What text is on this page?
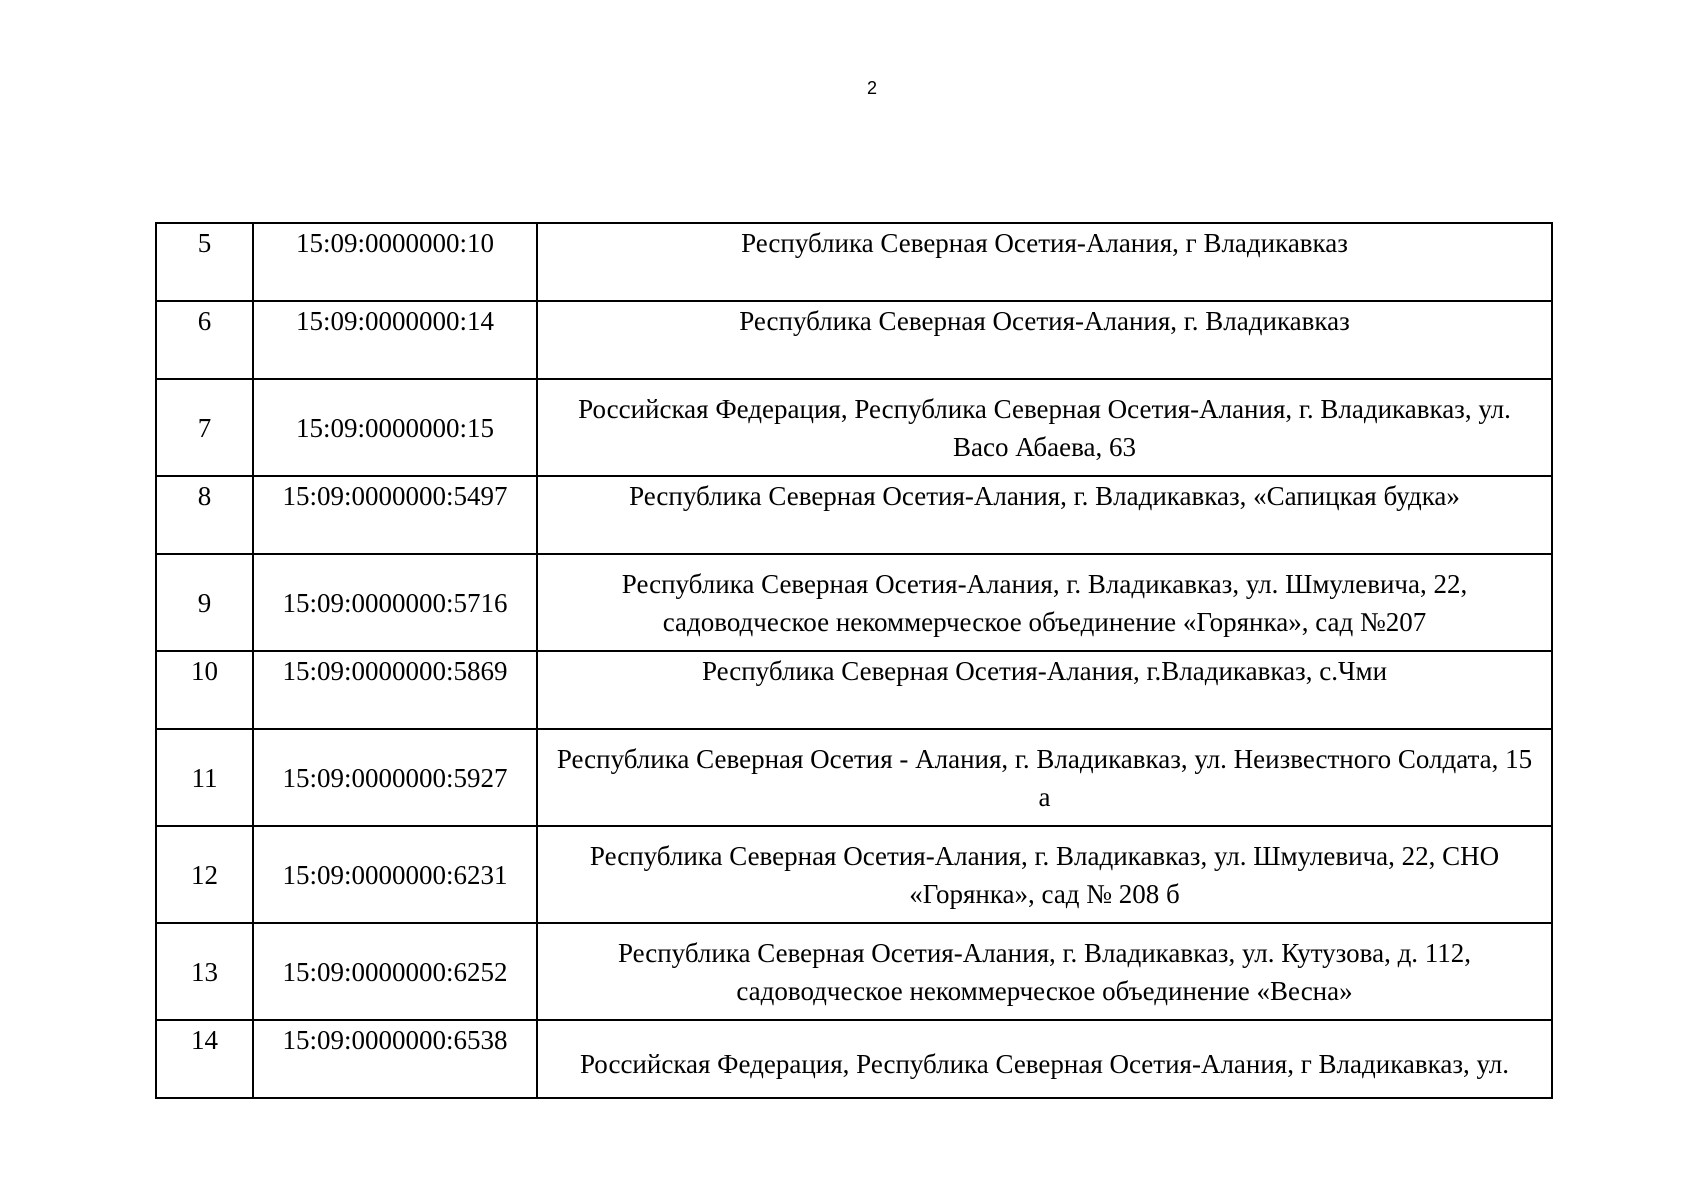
2
5	15:09:0000000:10	Республика Северная Осетия-Алания, г Владикавказ
6	15:09:0000000:14	Республика Северная Осетия-Алания, г. Владикавказ
7	15:09:0000000:15	Российская Федерация, Республика Северная Осетия-Алания, г. Владикавказ, ул. Васо Абаева, 63
8	15:09:0000000:5497	Республика Северная Осетия-Алания, г. Владикавказ, «Сапицкая будка»
9	15:09:0000000:5716	Республика Северная Осетия-Алания, г. Владикавказ, ул. Шмулевича, 22, садоводческое некоммерческое объединение «Горянка», сад №207
10	15:09:0000000:5869	Республика Северная Осетия-Алания, г.Владикавказ, с.Чми
11	15:09:0000000:5927	Республика Северная Осетия - Алания, г. Владикавказ, ул. Неизвестного Солдата, 15 а
12	15:09:0000000:6231	Республика Северная Осетия-Алания, г. Владикавказ, ул. Шмулевича, 22, СНО «Горянка», сад № 208 б
13	15:09:0000000:6252	Республика Северная Осетия-Алания, г. Владикавказ, ул. Кутузова, д. 112, садоводческое некоммерческое объединение «Весна»
14	15:09:0000000:6538	Российская Федерация, Республика Северная Осетия-Алания, г Владикавказ, ул.
